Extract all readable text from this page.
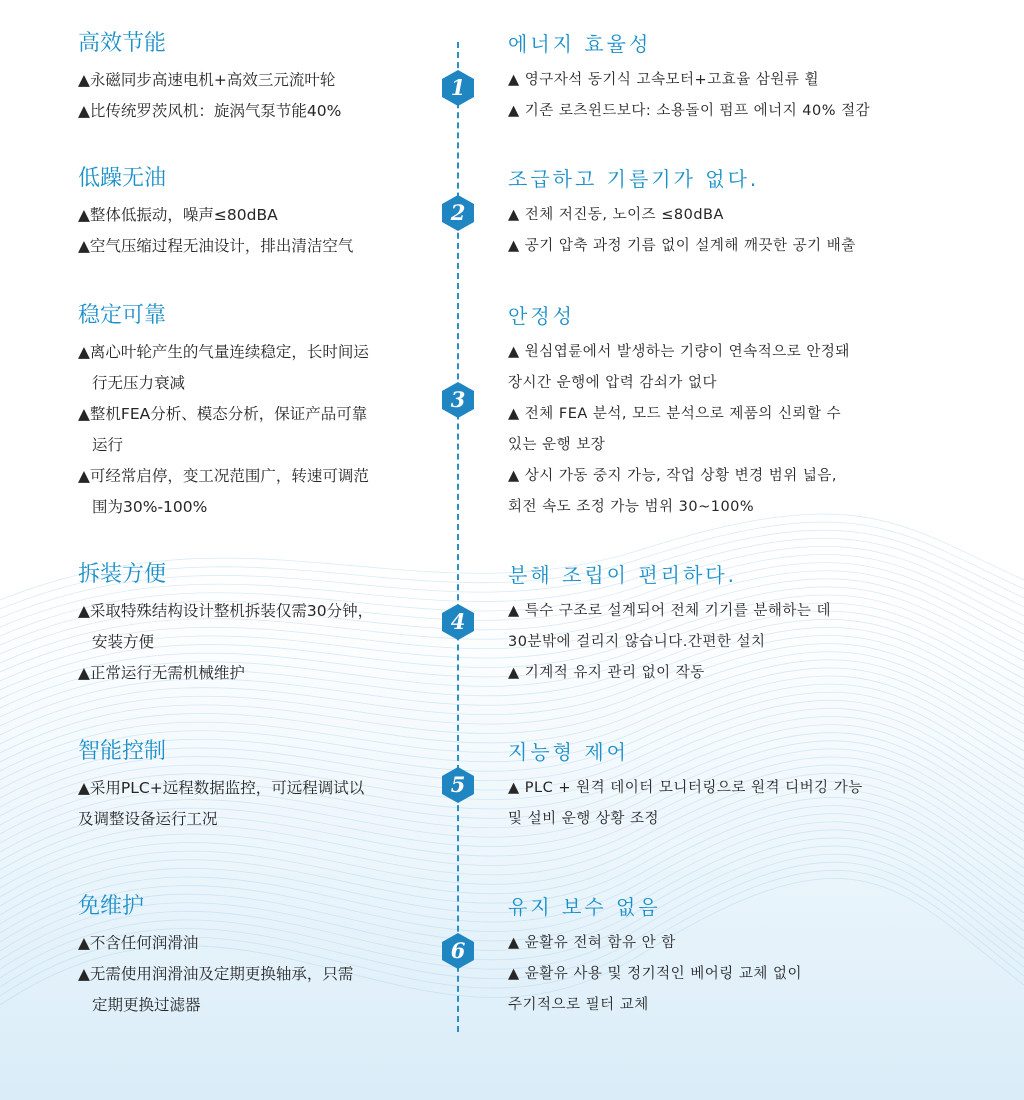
高效节能
▲永磁同步高速电机+高效三元流叶轮
▲比传统罗茨风机：旋涡气泵节能40%
1
에너지 효율성
▲ 영구자석 동기식 고속모터+고효율 삼원류 휠
▲ 기존 로츠윈드보다: 소용돌이 펌프 에너지 40% 절감
低躁无油
▲整体低振动，噪声≤80dBA
▲空气压缩过程无油设计，排出清洁空气
2
조급하고 기름기가 없다.
▲ 전체 저진동, 노이즈 ≤80dBA
▲ 공기 압축 과정 기름 없이 설계해 깨끗한 공기 배출
稳定可靠
▲离心叶轮产生的气量连续稳定，长时间运
行无压力衰减
▲整机FEA分析、模态分析，保证产品可靠
运行
▲可经常启停，变工况范围广，转速可调范
围为30%-100%
3
안정성
▲ 원심엽륜에서 발생하는 기량이 연속적으로 안정돼
장시간 운행에 압력 감쇠가 없다
▲ 전체 FEA 분석, 모드 분석으로 제품의 신뢰할 수
있는 운행 보장
▲ 상시 가동 중지 가능, 작업 상황 변경 범위 넓음,
회전 속도 조정 가능 범위 30~100%
拆装方便
▲采取特殊结构设计整机拆装仅需30分钟，
安装方便
▲正常运行无需机械维护
4
분해 조립이 편리하다.
▲ 특수 구조로 설계되어 전체 기기를 분해하는 데
30분밖에 걸리지 않습니다.간편한 설치
▲ 기계적 유지 관리 없이 작동
智能控制
▲采用PLC+远程数据监控，可远程调试以
及调整设备运行工况
5
지능형 제어
▲ PLC + 원격 데이터 모니터링으로 원격 디버깅 가능
및 설비 운행 상황 조정
免维护
▲不含任何润滑油
▲无需使用润滑油及定期更换轴承，只需
定期更换过滤器
6
유지 보수 없음
▲ 윤활유 전혀 함유 안 함
▲ 윤활유 사용 및 정기적인 베어링 교체 없이
주기적으로 필터 교체
